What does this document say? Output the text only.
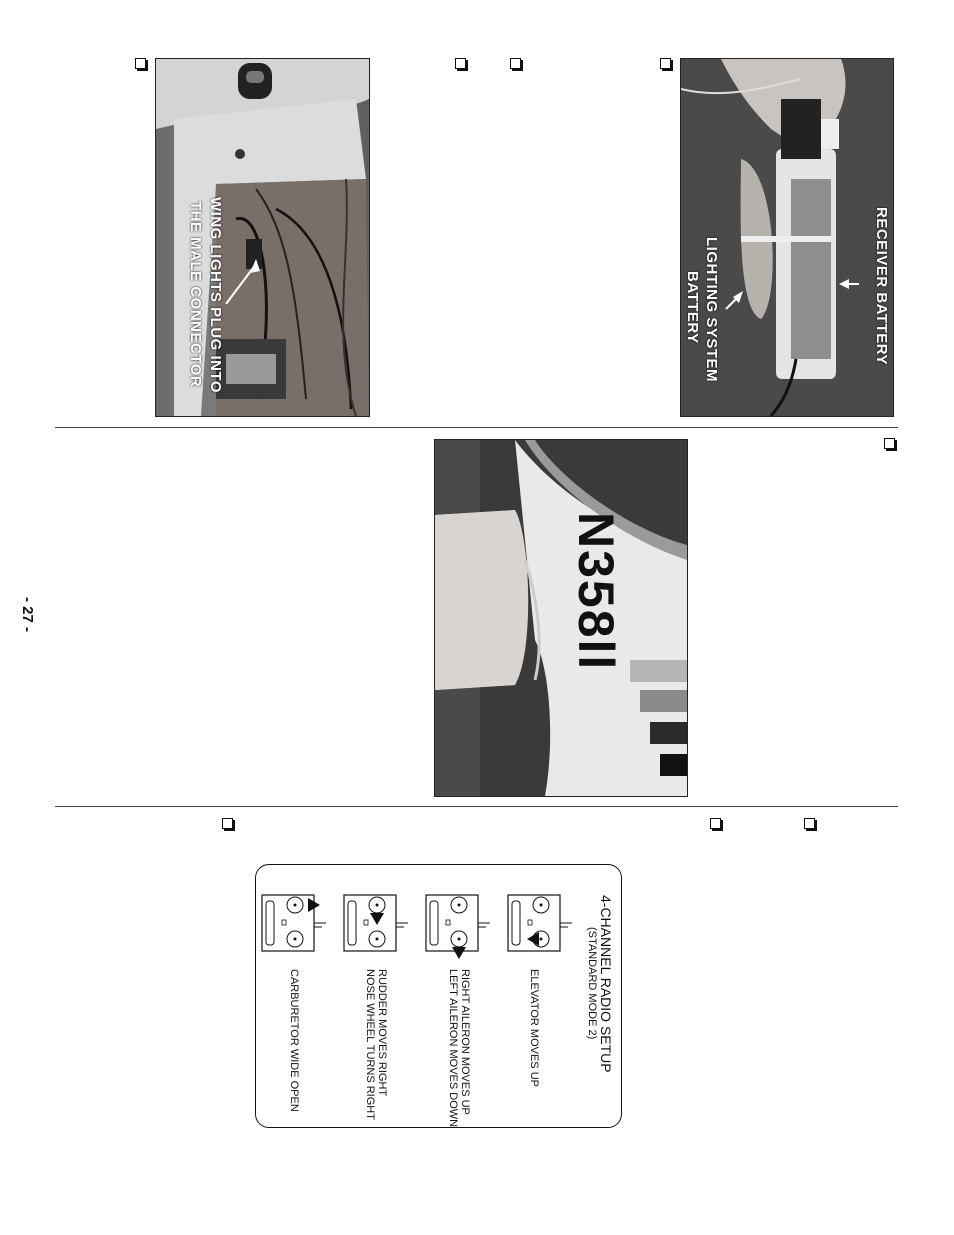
- 27 -
WING LIGHTS PLUG INTO
THE MALE CONNECTOR	RECEIVER BATTERY
LIGHTING SYSTEM
BATTERY
N358ll
4-CHANNEL RADIO SETUP
(STANDARD MODE 2)
ELEVATOR MOVES UP
RIGHT AILERON MOVES UP
LEFT AILERON MOVES DOWN
RUDDER MOVES RIGHT
NOSE WHEEL TURNS RIGHT
CARBURETOR WIDE OPEN
